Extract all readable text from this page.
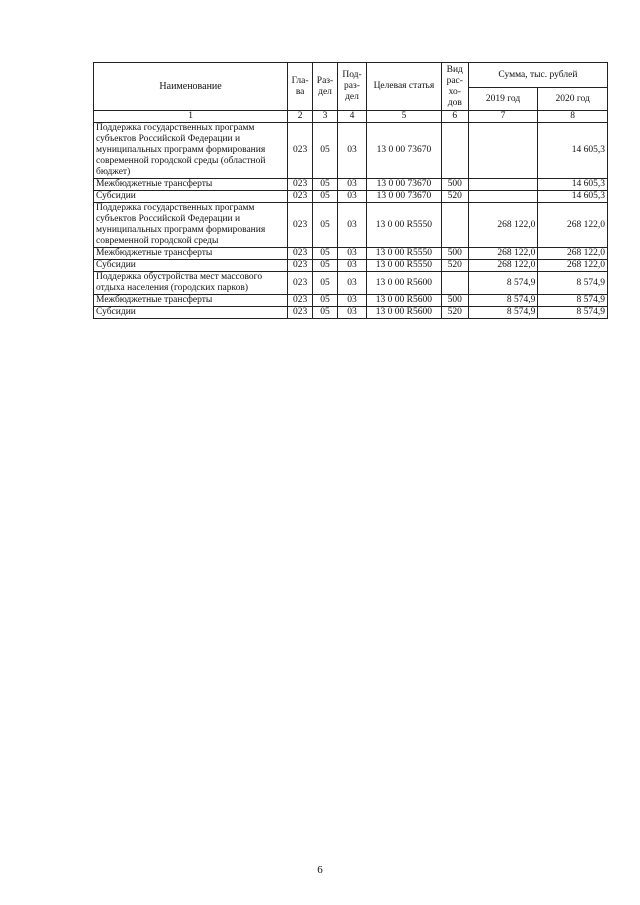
Наименование	Гла-ва	Раз-дел	Под-раз-дел	Целевая статья	Вид рас-хо-дов	Сумма, тыс. рублей	
						2019 год	2020 год
1	2	3	4	5	6	7	8
Поддержка государственных программ субъектов Российской Федерации и муниципальных программ формирования современной городской среды (областной бюджет)	023	05	03	13 0 00 73670			14 605,3
Межбюджетные трансферты	023	05	03	13 0 00 73670	500		14 605,3
Субсидии	023	05	03	13 0 00 73670	520		14 605,3
Поддержка государственных программ субъектов Российской Федерации и муниципальных программ формирования современной городской среды	023	05	03	13 0 00 R5550		268 122,0	268 122,0
Межбюджетные трансферты	023	05	03	13 0 00 R5550	500	268 122,0	268 122,0
Субсидии	023	05	03	13 0 00 R5550	520	268 122,0	268 122,0
Поддержка обустройства мест массового отдыха населения (городских парков)	023	05	03	13 0 00 R5600		8 574,9	8 574,9
Межбюджетные трансферты	023	05	03	13 0 00 R5600	500	8 574,9	8 574,9
Субсидии	023	05	03	13 0 00 R5600	520	8 574,9	8 574,9
6
